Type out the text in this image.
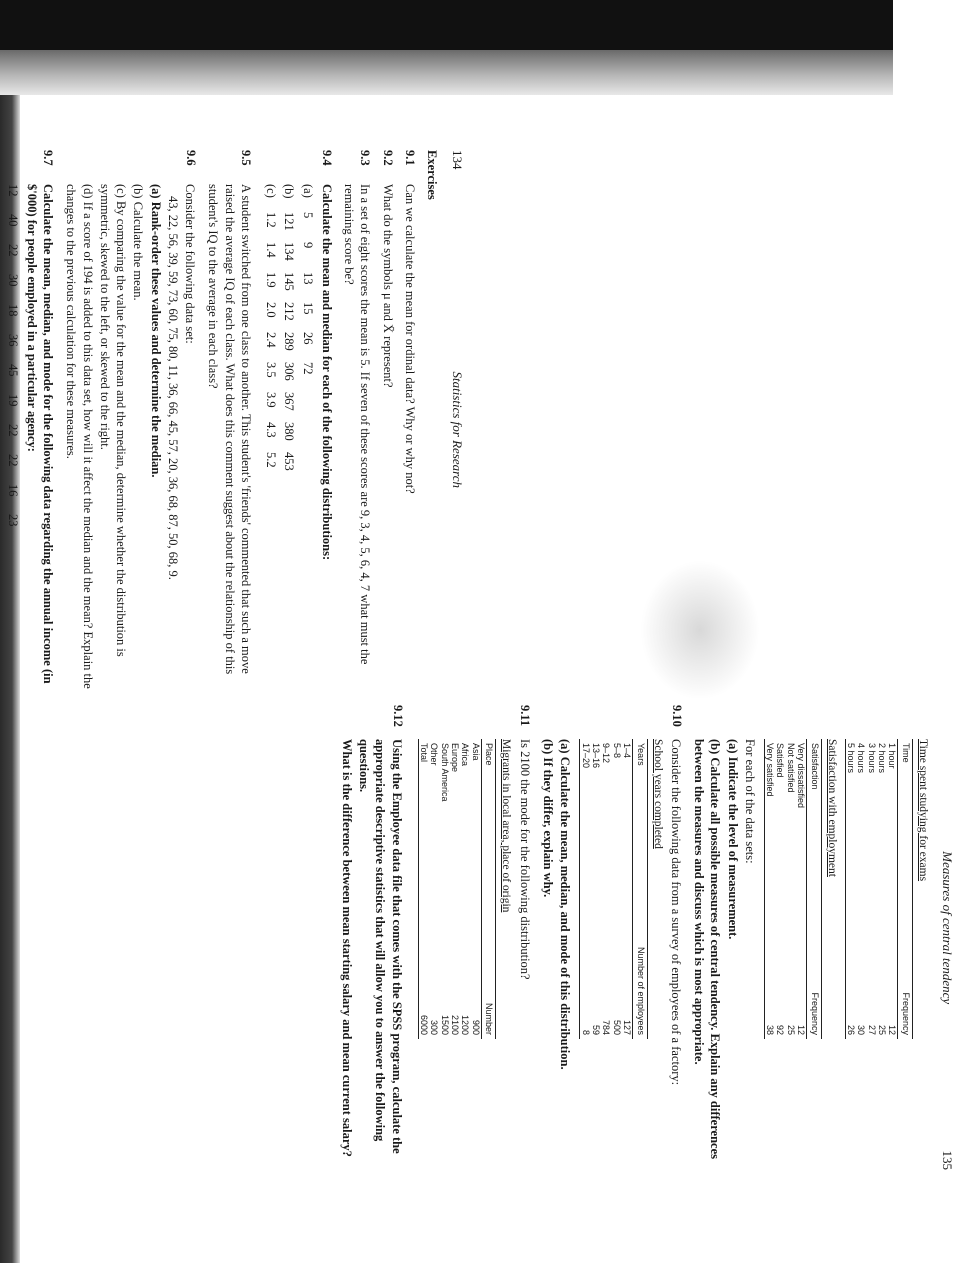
134
Statistics for Research
Exercises
9.1
Can we calculate the mean for ordinal data? Why or why not?
9.2
What do the symbols μ and X̄ represent?
9.3
In a set of eight scores the mean is 5. If seven of these scores are 9, 3, 4, 5, 6, 4, 7 what must the remaining score be?
9.4
Calculate the mean and median for each of the following distributions:
(a)
5
9
13
15
26
72
(b)
121
134
145
212
289
306
367
380
453
(c)
1.2
1.4
1.9
2.0
2.4
3.5
3.9
4.3
5.2
9.5
A student switched from one class to another. This student's 'friends' commented that such a move raised the average IQ of each class. What does this comment suggest about the relationship of this student's IQ to the average in each class?
9.6
Consider the following data set:
43, 22, 56, 39, 59, 73, 60, 75, 80, 11, 36, 66, 45, 57, 20, 36, 68, 87, 50, 68, 9.
(a) Rank-order these values and determine the median.
(b) Calculate the mean.
(c) By comparing the value for the mean and the median, determine whether the distribution is symmetric, skewed to the left, or skewed to the right.
(d) If a score of 194 is added to this data set, how will it affect the median and the mean? Explain the changes to the previous calculation for these measures.
9.7
Calculate the mean, median, and mode for the following data regarding the annual income (in $'000) for people employed in a particular agency:
12
40
22
30
18
36
45
19
22
22
16
23

Measures of central tendency
135
Time spent studying for exams
Time	Frequency
1 hour	12
2 hours	25
3 hours	27
4 hours	30
5 hours	26
Satisfaction with employment
Satisfaction	Frequency
Very dissatisfied	12
Not satisfied	25
Satisfied	92
Very satisfied	38
For each of the data sets:
(a) Indicate the level of measurement.
(b) Calculate all possible measures of central tendency. Explain any differences between the measures and discuss which is most appropriate.
9.10
Consider the following data from a survey of employees of a factory:
School years completed
Years	Number of employees
1–4	127
5–8	500
9–12	784
13–16	59
17–20	8
(a) Calculate the mean, median, and mode of this distribution.
(b) If they differ, explain why.
9.11
Is 2100 the mode for the following distribution?
Migrants in local area, place of origin
Place	Number
Asia	900
Africa	1200
Europe	2100
South America	1500
Other	300
Total	6000
9.12
Using the Employee data file that comes with the SPSS program, calculate the appropriate descriptive statistics that will allow you to answer the following questions.
What is the difference between mean starting salary and mean current salary?
